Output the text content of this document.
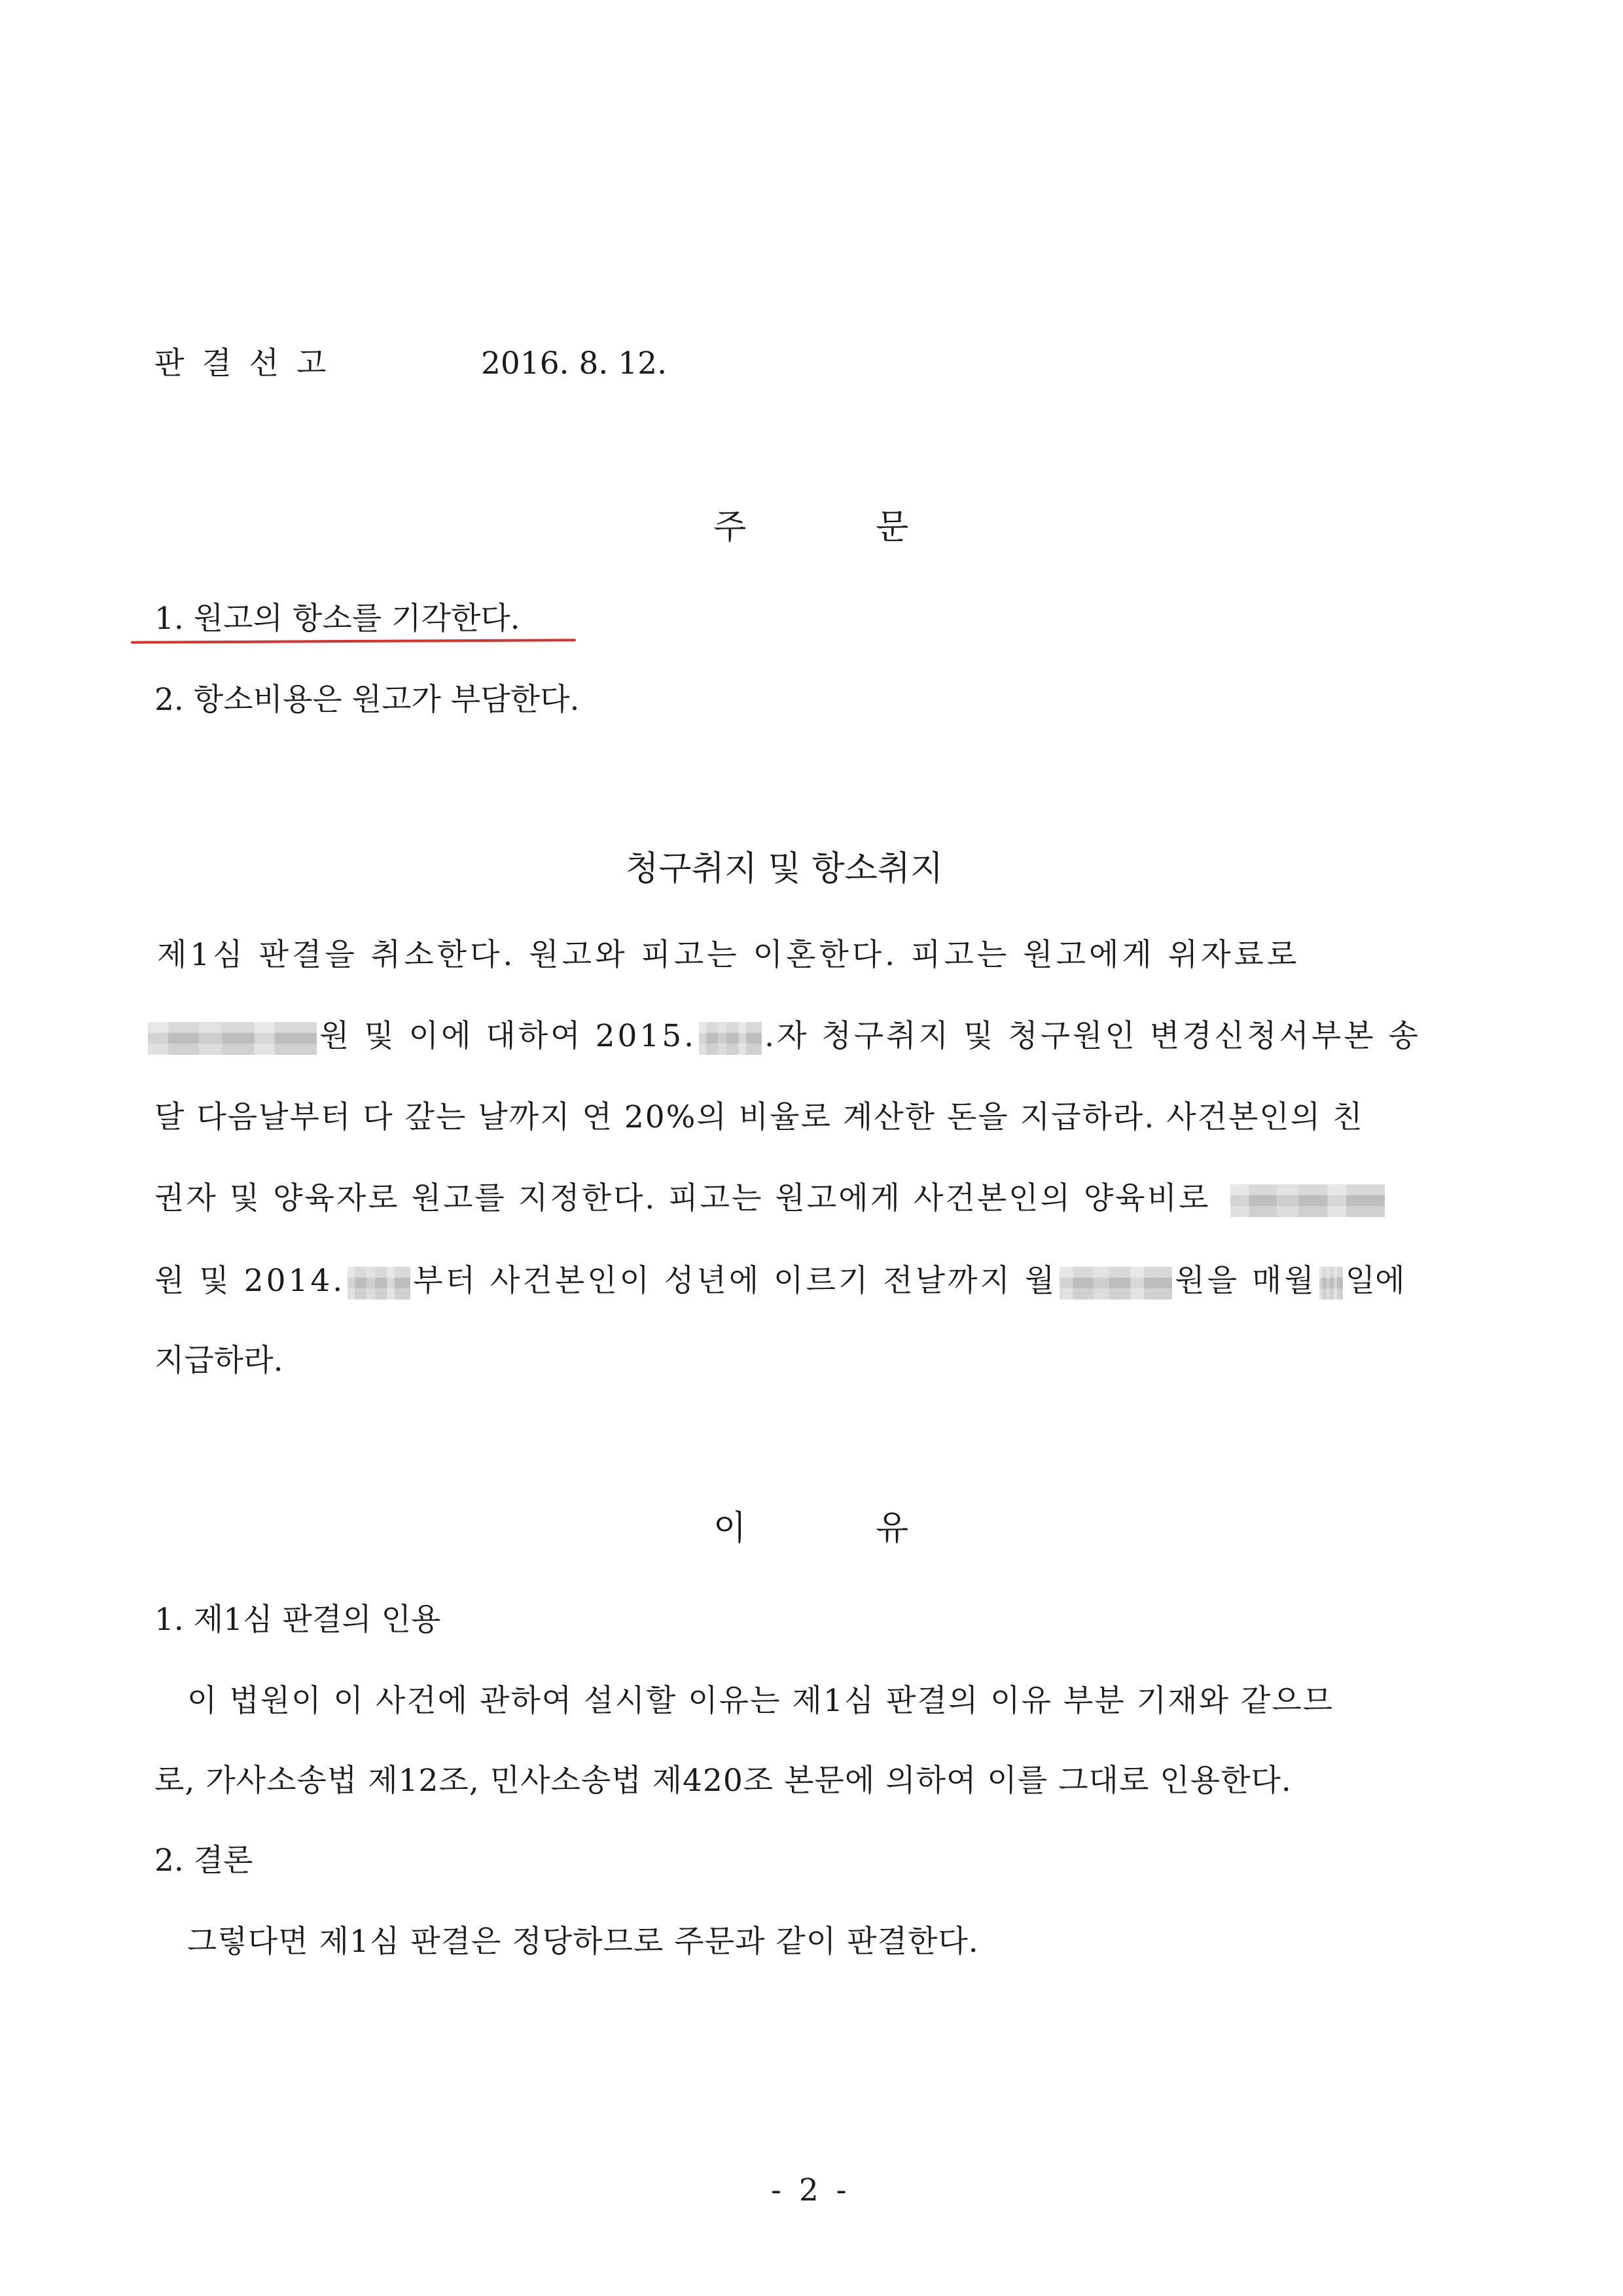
판 결 선 고	2016. 8. 12.
주	문
1. 원고의 항소를 기각한다.
2. 항소비용은 원고가 부담한다.
청구취지 및 항소취지
제1심 판결을 취소한다. 원고와 피고는 이혼한다. 피고는 원고에게 위자료로
원 및 이에 대하여 2015. .자 청구취지 및 청구원인 변경신청서부본 송
달 다음날부터 다 갚는 날까지 연 20%의 비율로 계산한 돈을 지급하라. 사건본인의 친
권자 및 양육자로 원고를 지정한다. 피고는 원고에게 사건본인의 양육비로
원 및 2014. 부터 사건본인이 성년에 이르기 전날까지 월	원을 매월 일에
지급하라.
이	유
1. 제1심 판결의 인용
이 법원이 이 사건에 관하여 설시할 이유는 제1심 판결의 이유 부분 기재와 같으므
로, 가사소송법 제12조, 민사소송법 제420조 본문에 의하여 이를 그대로 인용한다.
2. 결론
그렇다면 제1심 판결은 정당하므로 주문과 같이 판결한다.
- 2 -
